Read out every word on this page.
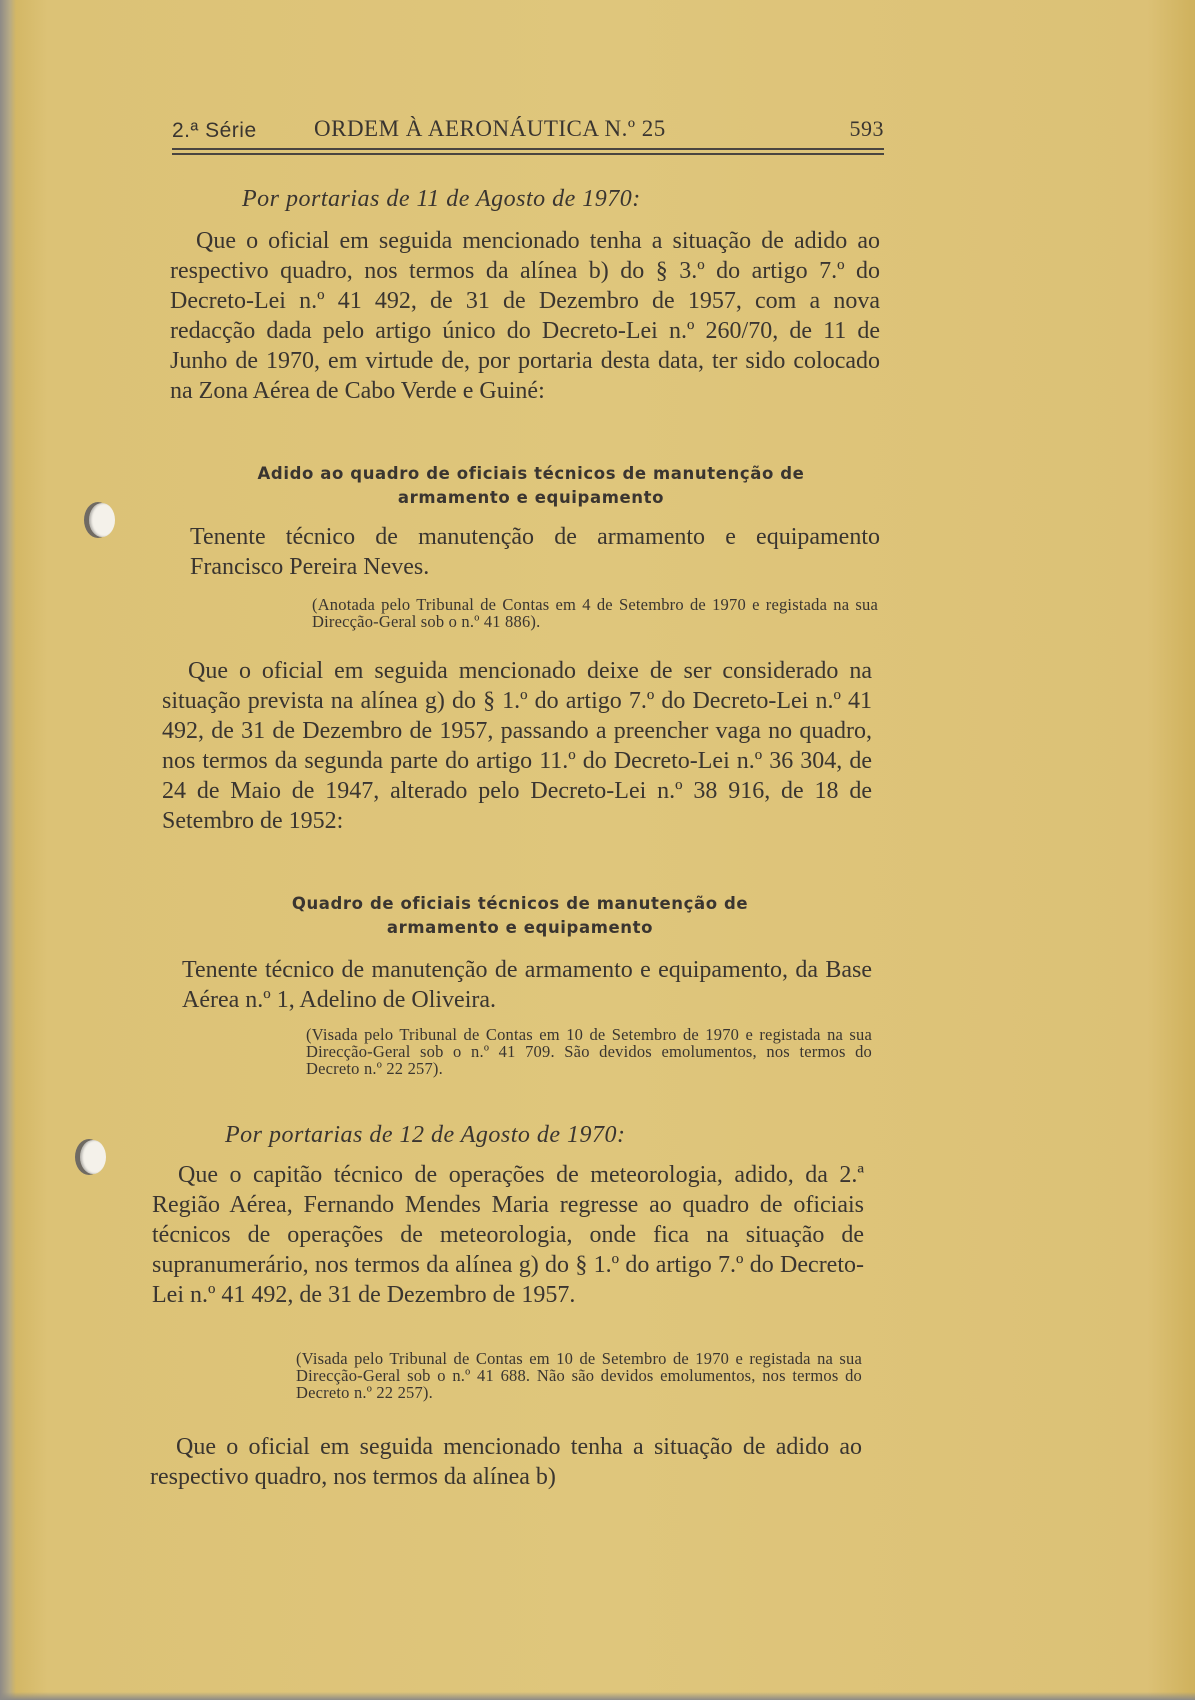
2.ª Série ORDEM À AERONÁUTICA N.º 25	593
Por portarias de 11 de Agosto de 1970:

Que o oficial em seguida mencionado tenha a situação de adido ao respectivo quadro, nos termos da alínea b) do § 3.º do artigo 7.º do Decreto-Lei n.º 41 492, de 31 de Dezembro de 1957, com a nova redacção dada pelo artigo único do Decreto-Lei n.º 260/70, de 11 de Junho de 1970, em virtude de, por portaria desta data, ter sido colocado na Zona Aérea de Cabo Verde e Guiné:

Adido ao quadro de oficiais técnicos de manutenção de armamento e equipamento

Tenente técnico de manutenção de armamento e equipamento Francisco Pereira Neves.

(Anotada pelo Tribunal de Contas em 4 de Setembro de 1970 e registada na sua Direcção-Geral sob o n.º 41 886).

Que o oficial em seguida mencionado deixe de ser considerado na situação prevista na alínea g) do § 1.º do artigo 7.º do Decreto-Lei n.º 41 492, de 31 de Dezembro de 1957, passando a preencher vaga no quadro, nos termos da segunda parte do artigo 11.º do Decreto-Lei n.º 36 304, de 24 de Maio de 1947, alterado pelo Decreto-Lei n.º 38 916, de 18 de Setembro de 1952:

Quadro de oficiais técnicos de manutenção de armamento e equipamento

Tenente técnico de manutenção de armamento e equipamento, da Base Aérea n.º 1, Adelino de Oliveira.

(Visada pelo Tribunal de Contas em 10 de Setembro de 1970 e registada na sua Direcção-Geral sob o n.º 41 709. São devidos emolumentos, nos termos do Decreto n.º 22 257).
Por portarias de 12 de Agosto de 1970:

Que o capitão técnico de operações de meteorologia, adido, da 2.ª Região Aérea, Fernando Mendes Maria regresse ao quadro de oficiais técnicos de operações de meteorologia, onde fica na situação de supranumerário, nos termos da alínea g) do § 1.º do artigo 7.º do Decreto-Lei n.º 41 492, de 31 de Dezembro de 1957.

(Visada pelo Tribunal de Contas em 10 de Setembro de 1970 e registada na sua Direcção-Geral sob o n.º 41 688. Não são devidos emolumentos, nos termos do Decreto n.º 22 257).

Que o oficial em seguida mencionado tenha a situação de adido ao respectivo quadro, nos termos da alínea b)
